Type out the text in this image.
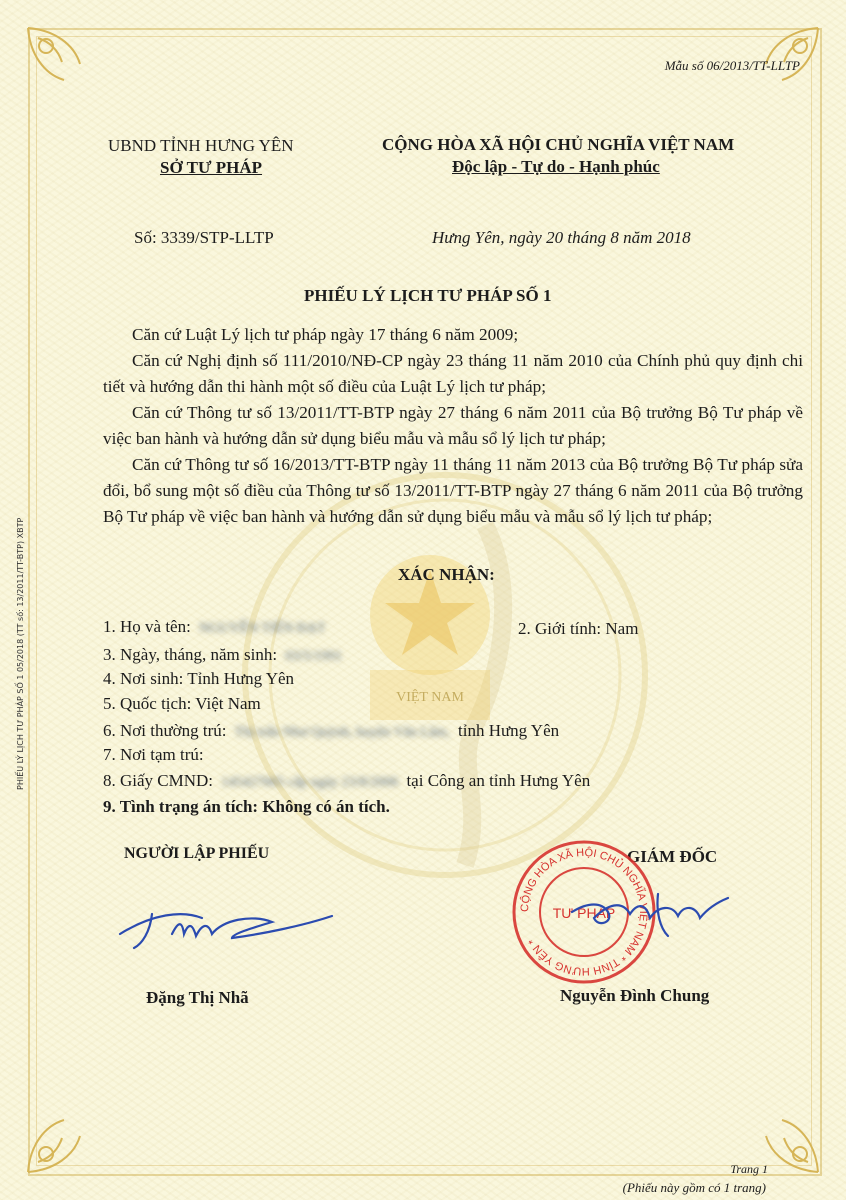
VIỆT NAM
PHIẾU LÝ LỊCH TƯ PHÁP SỐ 1 05/2018 (TT số: 13/2011/TT-BTP) XBTP
Mẫu số 06/2013/TT-LLTP
UBND TỈNH HƯNG YÊN
SỞ TƯ PHÁP
CỘNG HÒA XÃ HỘI CHỦ NGHĨA VIỆT NAM
Độc lập - Tự do - Hạnh phúc
Số: 3339/STP-LLTP	Hưng Yên, ngày 20 tháng 8 năm 2018
PHIẾU LÝ LỊCH TƯ PHÁP SỐ 1

Căn cứ Luật Lý lịch tư pháp ngày 17 tháng 6 năm 2009;

Căn cứ Nghị định số 111/2010/NĐ-CP ngày 23 tháng 11 năm 2010 của Chính phủ quy định chi tiết và hướng dẫn thi hành một số điều của Luật Lý lịch tư pháp;

Căn cứ Thông tư số 13/2011/TT-BTP ngày 27 tháng 6 năm 2011 của Bộ trưởng Bộ Tư pháp về việc ban hành và hướng dẫn sử dụng biểu mẫu và mẫu sổ lý lịch tư pháp;

Căn cứ Thông tư số 16/2013/TT-BTP ngày 11 tháng 11 năm 2013 của Bộ trưởng Bộ Tư pháp sửa đổi, bổ sung một số điều của Thông tư số 13/2011/TT-BTP ngày 27 tháng 6 năm 2011 của Bộ trưởng Bộ Tư pháp về việc ban hành và hướng dẫn sử dụng biểu mẫu và mẫu sổ lý lịch tư pháp;

XÁC NHẬN:
1. Họ và tên: NGUYỄN TIẾN ĐẠT	2. Giới tính: Nam
3. Ngày, tháng, năm sinh: 03/5/1991
4. Nơi sinh: Tỉnh Hưng Yên
5. Quốc tịch: Việt Nam
6. Nơi thường trú: Thị trấn Như Quỳnh, huyện Văn Lâm, tỉnh Hưng Yên
7. Nơi tạm trú:
8. Giấy CMND: 145427665 cấp ngày 23/8/2006 tại Công an tỉnh Hưng Yên
9. Tình trạng án tích: Không có án tích.
NGƯỜI LẬP PHIẾU	GIÁM ĐỐC
CỘNG HÒA XÃ HỘI CHỦ NGHĨA VIỆT NAM * TỈNH HƯNG YÊN *
TƯ PHÁP
Đặng Thị Nhã	Nguyễn Đình Chung
Trang 1
(Phiếu này gồm có 1 trang)
